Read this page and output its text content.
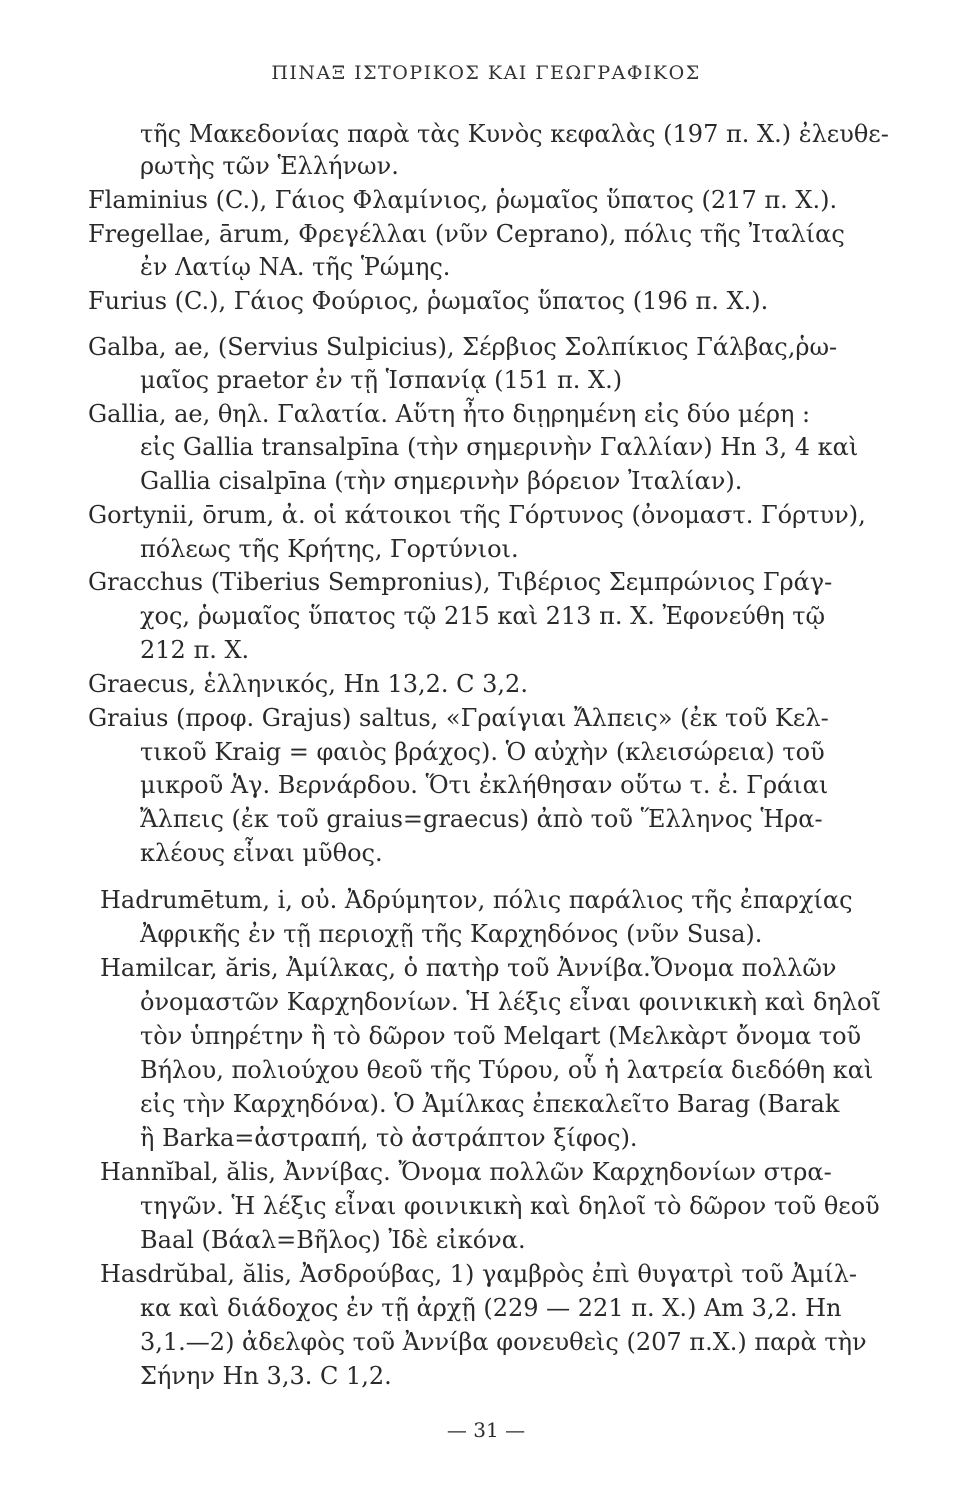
ΠΙΝΑΞ ΙΣΤΟΡΙΚΟΣ ΚΑΙ ΓΕΩΓΡΑΦΙΚΟΣ
τῆς Μακεδονίας παρὰ τὰς Κυνὸς κεφαλὰς (197 π. Χ.) ἐλευθε-
ρωτὴς τῶν Ἑλλήνων.
Flaminius (C.), Γάιος Φλαμίνιος, ῥωμαῖος ὕπατος (217 π. Χ.).
Fregellae, ārum, Φρεγέλλαι (νῦν Ceprano), πόλις τῆς Ἰταλίας
ἐν Λατίῳ ΝΑ. τῆς Ῥώμης.
Furius (C.), Γάιος Φούριος, ῥωμαῖος ὕπατος (196 π. Χ.).
Galba, ae, (Servius Sulpicius), Σέρβιος Σολπίκιος Γάλβας,ῥω-
μαῖος praetor ἐν τῇ Ἱσπανίᾳ (151 π. Χ.)
Gallia, ae, θηλ. Γαλατία. Αὕτη ἦτο διῃρημένη εἰς δύο μέρη :
εἰς Gallia transalpīna (τὴν σημερινὴν Γαλλίαν) Hn 3, 4 καὶ
Gallia cisalpīna (τὴν σημερινὴν βόρειον Ἰταλίαν).
Gortynii, ōrum, ἀ. οἱ κάτοικοι τῆς Γόρτυνος (ὀνομαστ. Γόρτυν),
πόλεως τῆς Κρήτης, Γορτύνιοι.
Gracchus (Tiberius Sempronius), Τιβέριος Σεμπρώνιος Γράγ-
χος, ῥωμαῖος ὕπατος τῷ 215 καὶ 213 π. Χ. Ἐφονεύθη τῷ
212 π. Χ.
Graecus, ἑλληνικός, Hn 13,2. C 3,2.
Graius (προφ. Grajus) saltus, «Γραίγιαι Ἄλπεις» (ἐκ τοῦ Κελ-
τικοῦ Kraig = φαιὸς βράχος). Ὁ αὐχὴν (κλεισώρεια) τοῦ
μικροῦ Ἁγ. Βερνάρδου. Ὅτι ἐκλήθησαν οὕτω τ. ἐ. Γράιαι
Ἄλπεις (ἐκ τοῦ graius=graecus) ἀπὸ τοῦ Ἕλληνος Ἡρα-
κλέους εἶναι μῦθος.
Hadrumētum, i, οὐ. Ἀδρύμητον, πόλις παράλιος τῆς ἐπαρχίας
Ἀφρικῆς ἐν τῇ περιοχῇ τῆς Καρχηδόνος (νῦν Susa).
Hamilcar, ăris, Ἀμίλκας, ὁ πατὴρ τοῦ Ἀννίβα.Ὄνομα πολλῶν
ὀνομαστῶν Καρχηδονίων. Ἡ λέξις εἶναι φοινικικὴ καὶ δηλοῖ
τὸν ὑπηρέτην ἢ τὸ δῶρον τοῦ Melqart (Μελκὰρτ ὄνομα τοῦ
Βήλου, πολιούχου θεοῦ τῆς Τύρου, οὗ ἡ λατρεία διεδόθη καὶ
εἰς τὴν Καρχηδόνα). Ὁ Ἀμίλκας ἐπεκαλεῖτο Barag (Barak
ἢ Barka=ἀστραπή, τὸ ἀστράπτον ξίφος).
Hannĭbal, ălis, Ἀννίβας. Ὄνομα πολλῶν Καρχηδονίων στρα-
τηγῶν. Ἡ λέξις εἶναι φοινικικὴ καὶ δηλοῖ τὸ δῶρον τοῦ θεοῦ
Baal (Βάαλ=Βῆλος) Ἰδὲ εἰκόνα.
Hasdrŭbal, ălis, Ἀσδρούβας, 1) γαμβρὸς ἐπὶ θυγατρὶ τοῦ Ἀμίλ-
κα καὶ διάδοχος ἐν τῇ ἀρχῇ (229 — 221 π. Χ.) Am 3,2. Hn
3,1.—2) ἀδελφὸς τοῦ Ἀννίβα φονευθεὶς (207 π.Χ.) παρὰ τὴν
Σήνην Hn 3,3. C 1,2.
— 31 —
